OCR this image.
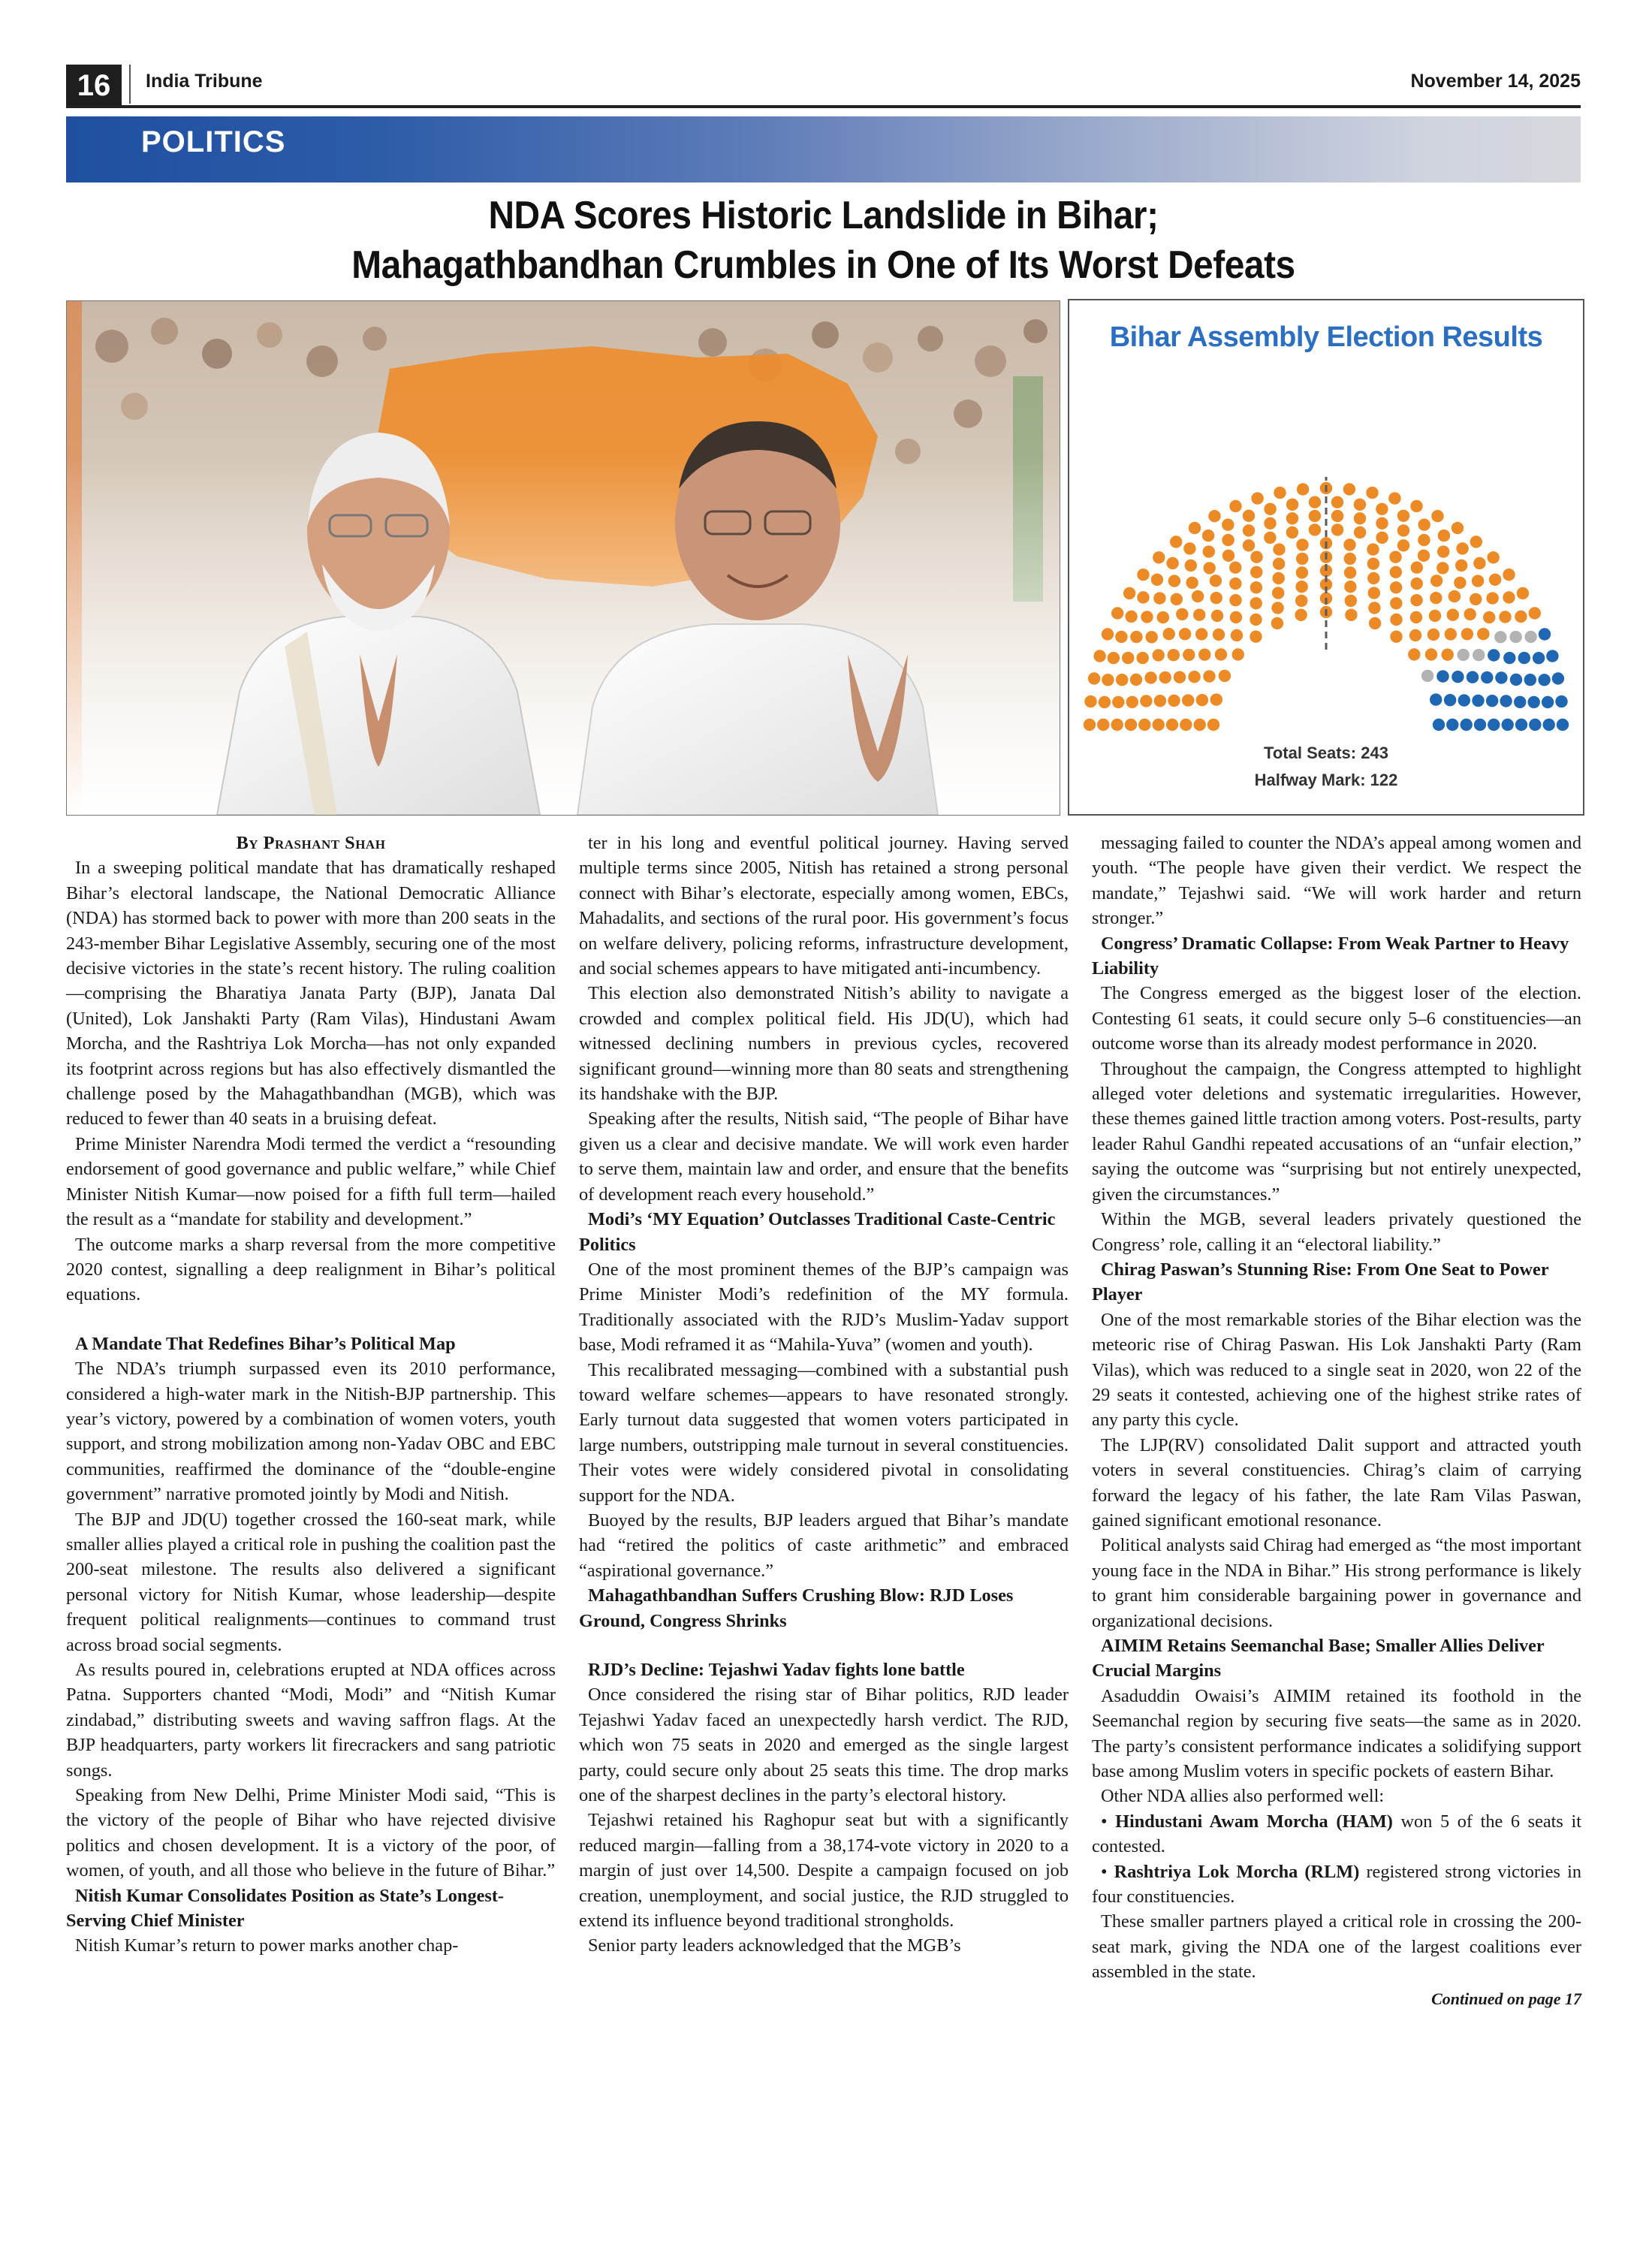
16	India Tribune	November 14, 2025
POLITICS
NDA Scores Historic Landslide in Bihar;
Mahagathbandhan Crumbles in One of Its Worst Defeats
Bihar Assembly Election Results
Total Seats: 243
Halfway Mark: 122
By Prashant Shah

In a sweeping political mandate that has dramatically reshaped Bihar’s electoral landscape, the National Democratic Alliance (NDA) has stormed back to power with more than 200 seats in the 243-member Bihar Legislative Assembly, securing one of the most decisive victories in the state’s recent history. The ruling coalition—comprising the Bharatiya Janata Party (BJP), Janata Dal (United), Lok Janshakti Party (Ram Vilas), Hindustani Awam Morcha, and the Rashtriya Lok Morcha—has not only expanded its footprint across regions but has also effectively dismantled the challenge posed by the Mahagathbandhan (MGB), which was reduced to fewer than 40 seats in a bruising defeat.

Prime Minister Narendra Modi termed the verdict a “resounding endorsement of good governance and public welfare,” while Chief Minister Nitish Kumar—now poised for a fifth full term—hailed the result as a “mandate for stability and development.”

The outcome marks a sharp reversal from the more competitive 2020 contest, signalling a deep realignment in Bihar’s political equations.

A Mandate That Redefines Bihar’s Political Map

The NDA’s triumph surpassed even its 2010 performance, considered a high-water mark in the Nitish-BJP partnership. This year’s victory, powered by a combination of women voters, youth support, and strong mobilization among non-Yadav OBC and EBC communities, reaffirmed the dominance of the “double-engine government” narrative promoted jointly by Modi and Nitish.

The BJP and JD(U) together crossed the 160-seat mark, while smaller allies played a critical role in pushing the coalition past the 200-seat milestone. The results also delivered a significant personal victory for Nitish Kumar, whose leadership—despite frequent political realignments—continues to command trust across broad social segments.

As results poured in, celebrations erupted at NDA offices across Patna. Supporters chanted “Modi, Modi” and “Nitish Kumar zindabad,” distributing sweets and waving saffron flags. At the BJP headquarters, party workers lit firecrackers and sang patriotic songs.

Speaking from New Delhi, Prime Minister Modi said, “This is the victory of the people of Bihar who have rejected divisive politics and chosen development. It is a victory of the poor, of women, of youth, and all those who believe in the future of Bihar.”

Nitish Kumar Consolidates Position as State’s Longest-Serving Chief Minister

Nitish Kumar’s return to power marks another chap-

ter in his long and eventful political journey. Having served multiple terms since 2005, Nitish has retained a strong personal connect with Bihar’s electorate, especially among women, EBCs, Mahadalits, and sections of the rural poor. His government’s focus on welfare delivery, policing reforms, infrastructure development, and social schemes appears to have mitigated anti-incumbency.

This election also demonstrated Nitish’s ability to navigate a crowded and complex political field. His JD(U), which had witnessed declining numbers in previous cycles, recovered significant ground—winning more than 80 seats and strengthening its handshake with the BJP.

Speaking after the results, Nitish said, “The people of Bihar have given us a clear and decisive mandate. We will work even harder to serve them, maintain law and order, and ensure that the benefits of development reach every household.”

Modi’s ‘MY Equation’ Outclasses Traditional Caste-Centric Politics

One of the most prominent themes of the BJP’s campaign was Prime Minister Modi’s redefinition of the MY formula. Traditionally associated with the RJD’s Muslim-Yadav support base, Modi reframed it as “Mahila-Yuva” (women and youth).

This recalibrated messaging—combined with a substantial push toward welfare schemes—appears to have resonated strongly. Early turnout data suggested that women voters participated in large numbers, outstripping male turnout in several constituencies. Their votes were widely considered pivotal in consolidating support for the NDA.

Buoyed by the results, BJP leaders argued that Bihar’s mandate had “retired the politics of caste arithmetic” and embraced “aspirational governance.”

Mahagathbandhan Suffers Crushing Blow: RJD Loses Ground, Congress Shrinks

RJD’s Decline: Tejashwi Yadav fights lone battle

Once considered the rising star of Bihar politics, RJD leader Tejashwi Yadav faced an unexpectedly harsh verdict. The RJD, which won 75 seats in 2020 and emerged as the single largest party, could secure only about 25 seats this time. The drop marks one of the sharpest declines in the party’s electoral history.

Tejashwi retained his Raghopur seat but with a significantly reduced margin—falling from a 38,174-vote victory in 2020 to a margin of just over 14,500. Despite a campaign focused on job creation, unemployment, and social justice, the RJD struggled to extend its influence beyond traditional strongholds.

Senior party leaders acknowledged that the MGB’s

messaging failed to counter the NDA’s appeal among women and youth. “The people have given their verdict. We respect the mandate,” Tejashwi said. “We will work harder and return stronger.”

Congress’ Dramatic Collapse: From Weak Partner to Heavy Liability

The Congress emerged as the biggest loser of the election. Contesting 61 seats, it could secure only 5–6 constituencies—an outcome worse than its already modest performance in 2020.

Throughout the campaign, the Congress attempted to highlight alleged voter deletions and systematic irregularities. However, these themes gained little traction among voters. Post-results, party leader Rahul Gandhi repeated accusations of an “unfair election,” saying the outcome was “surprising but not entirely unexpected, given the circumstances.”

Within the MGB, several leaders privately questioned the Congress’ role, calling it an “electoral liability.”

Chirag Paswan’s Stunning Rise: From One Seat to Power Player

One of the most remarkable stories of the Bihar election was the meteoric rise of Chirag Paswan. His Lok Janshakti Party (Ram Vilas), which was reduced to a single seat in 2020, won 22 of the 29 seats it contested, achieving one of the highest strike rates of any party this cycle.

The LJP(RV) consolidated Dalit support and attracted youth voters in several constituencies. Chirag’s claim of carrying forward the legacy of his father, the late Ram Vilas Paswan, gained significant emotional resonance.

Political analysts said Chirag had emerged as “the most important young face in the NDA in Bihar.” His strong performance is likely to grant him considerable bargaining power in governance and organizational decisions.

AIMIM Retains Seemanchal Base; Smaller Allies Deliver Crucial Margins

Asaduddin Owaisi’s AIMIM retained its foothold in the Seemanchal region by securing five seats—the same as in 2020. The party’s consistent performance indicates a solidifying support base among Muslim voters in specific pockets of eastern Bihar.

Other NDA allies also performed well:

• Hindustani Awam Morcha (HAM) won 5 of the 6 seats it contested.

• Rashtriya Lok Morcha (RLM) registered strong victories in four constituencies.

These smaller partners played a critical role in crossing the 200-seat mark, giving the NDA one of the largest coalitions ever assembled in the state.

Continued on page 17
